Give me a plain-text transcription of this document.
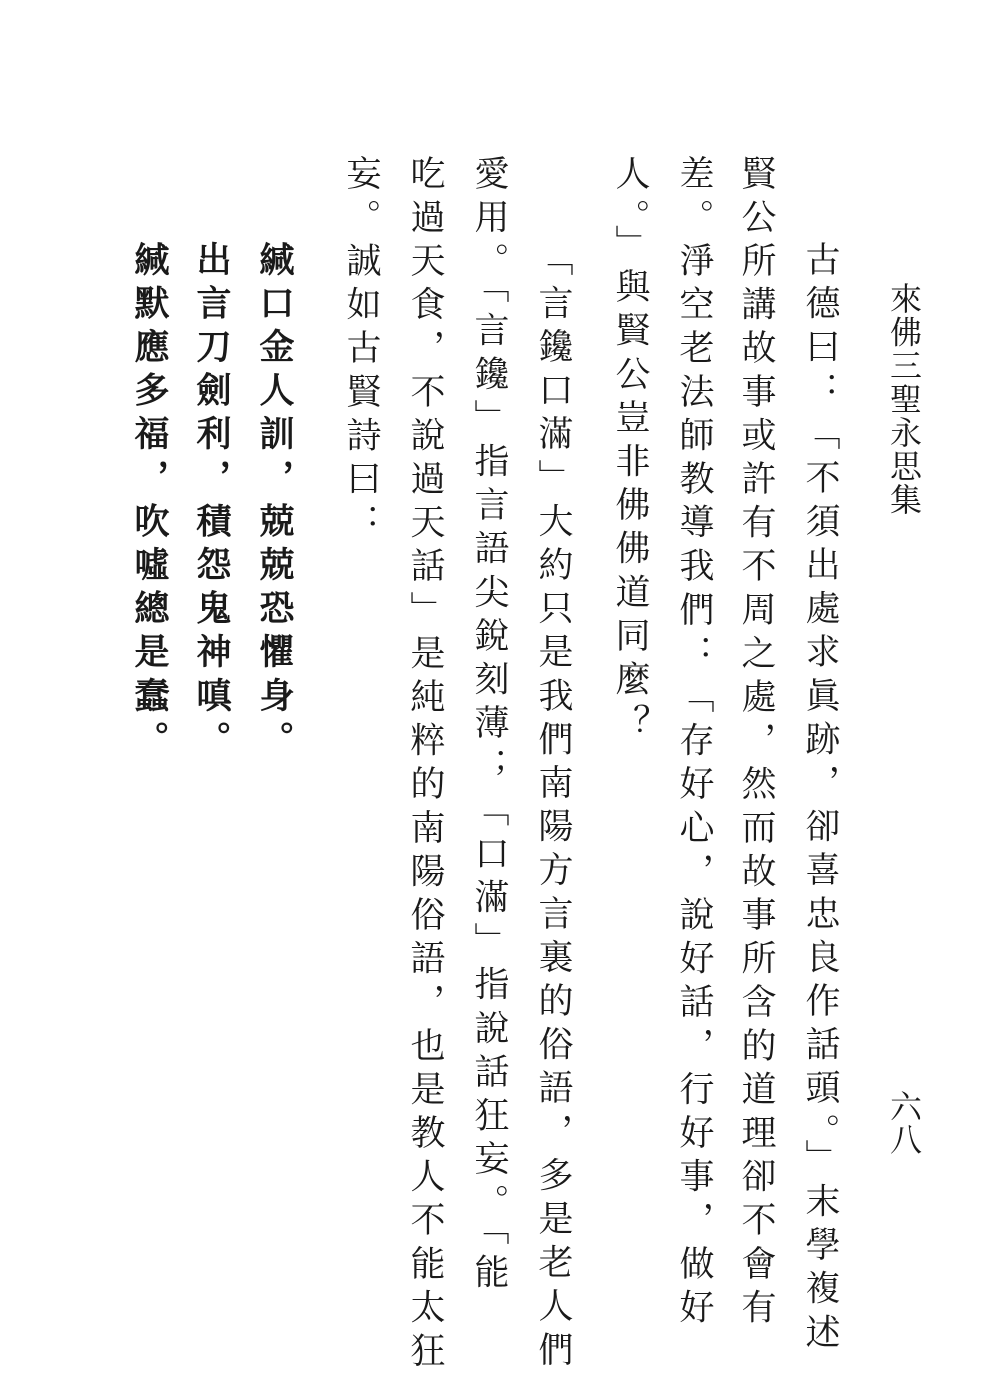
來佛三聖永思集
六八
古德曰：「不須出處求眞跡，卻喜忠良作話頭。」末學複述
賢公所講故事或許有不周之處，然而故事所含的道理卻不會有
差。淨空老法師教導我們：「存好心，說好話，行好事，做好
人。」與賢公豈非佛佛道同麼？
「言鑱口滿」大約只是我們南陽方言裏的俗語，多是老人們
愛用。「言鑱」指言語尖銳刻薄；「口滿」指說話狂妄。「能
吃過天食，不說過天話」是純粹的南陽俗語，也是教人不能太狂
妄。誠如古賢詩曰：
緘口金人訓，兢兢恐懼身。
出言刀劍利，積怨鬼神嗔。
緘默應多福，吹噓總是蠢。
